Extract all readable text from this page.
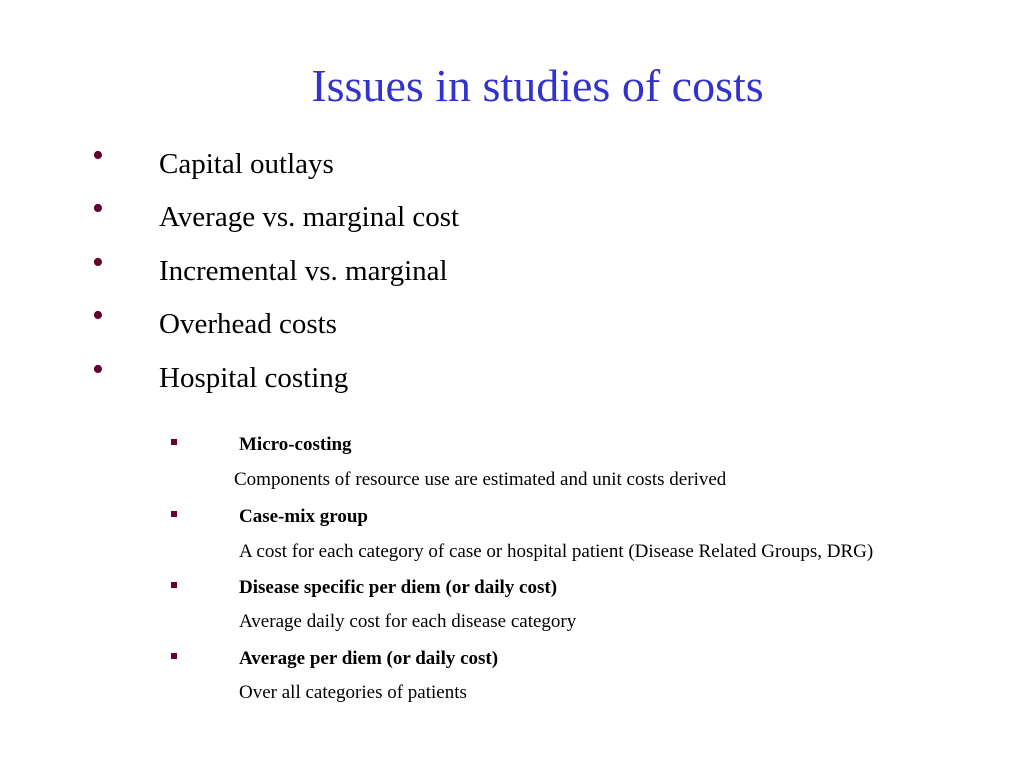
Issues in studies of costs
• Capital outlays
• Average vs. marginal cost
• Incremental vs. marginal
• Overhead costs
• Hospital costing
Micro-costing
Components of resource use are estimated and unit costs derived
Case-mix group
A cost for each category of case or hospital patient (Disease Related Groups, DRG)
Disease specific per diem (or daily cost)
Average daily cost for each disease category
Average per diem (or daily cost)
Over all categories of patients
